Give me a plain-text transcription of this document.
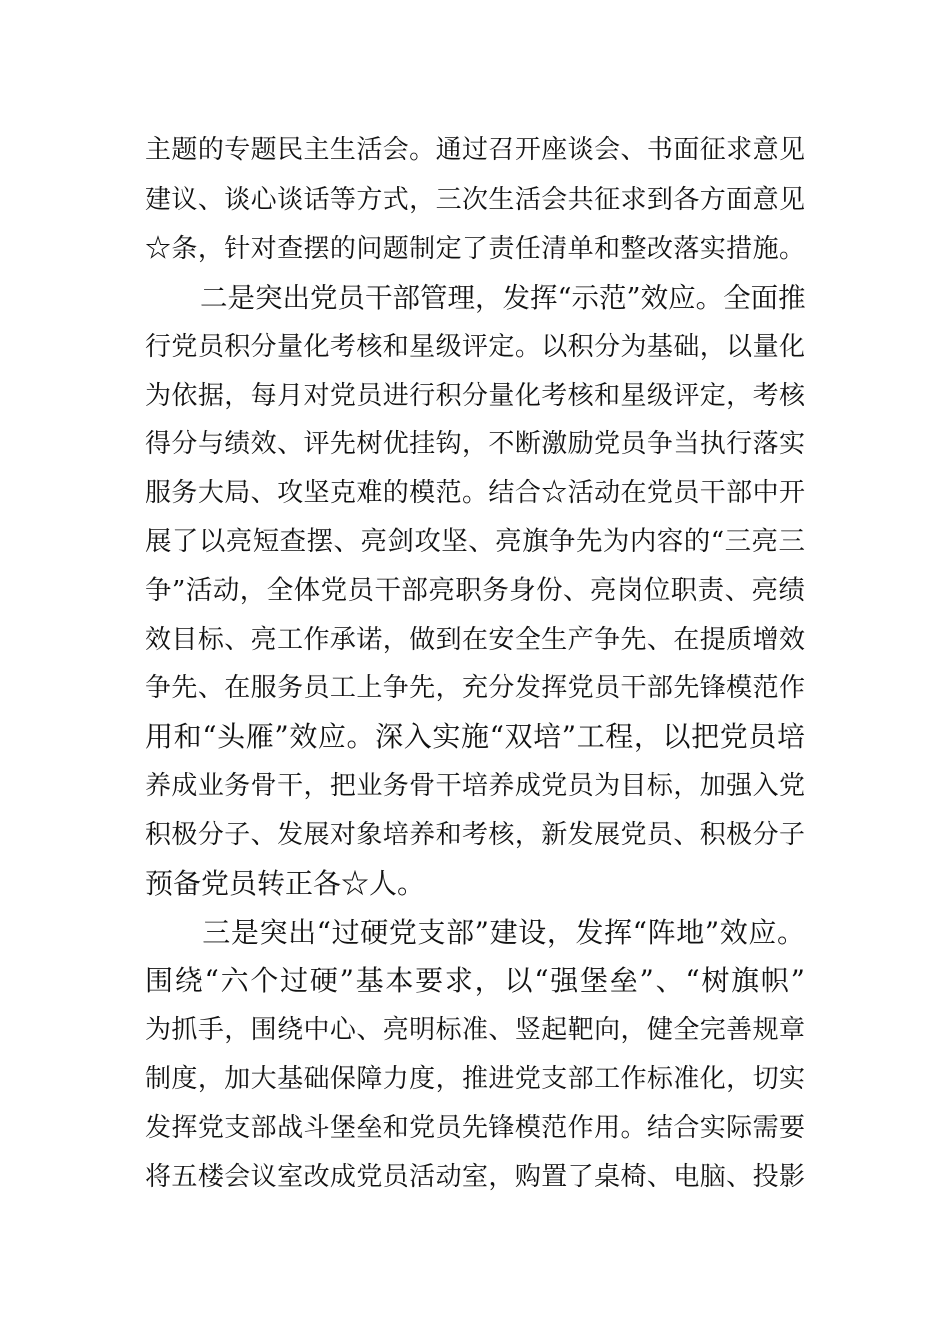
主题的专题民主生活会。通过召开座谈会、书面征求意见
建议、谈心谈话等方式，三次生活会共征求到各方面意见
☆条，针对查摆的问题制定了责任清单和整改落实措施。
　　二是突出党员干部管理，发挥“示范”效应。全面推
行党员积分量化考核和星级评定。以积分为基础，以量化
为依据，每月对党员进行积分量化考核和星级评定，考核
得分与绩效、评先树优挂钩，不断激励党员争当执行落实
服务大局、攻坚克难的模范。结合☆活动在党员干部中开
展了以亮短查摆、亮剑攻坚、亮旗争先为内容的“三亮三
争”活动，全体党员干部亮职务身份、亮岗位职责、亮绩
效目标、亮工作承诺，做到在安全生产争先、在提质增效
争先、在服务员工上争先，充分发挥党员干部先锋模范作
用和“头雁”效应。深入实施“双培”工程，以把党员培
养成业务骨干，把业务骨干培养成党员为目标，加强入党
积极分子、发展对象培养和考核，新发展党员、积极分子
预备党员转正各☆人。
　　三是突出“过硬党支部”建设，发挥“阵地”效应。
围绕“六个过硬”基本要求，以“强堡垒”、“树旗帜”
为抓手，围绕中心、亮明标准、竖起靶向，健全完善规章
制度，加大基础保障力度，推进党支部工作标准化，切实
发挥党支部战斗堡垒和党员先锋模范作用。结合实际需要
将五楼会议室改成党员活动室，购置了桌椅、电脑、投影
